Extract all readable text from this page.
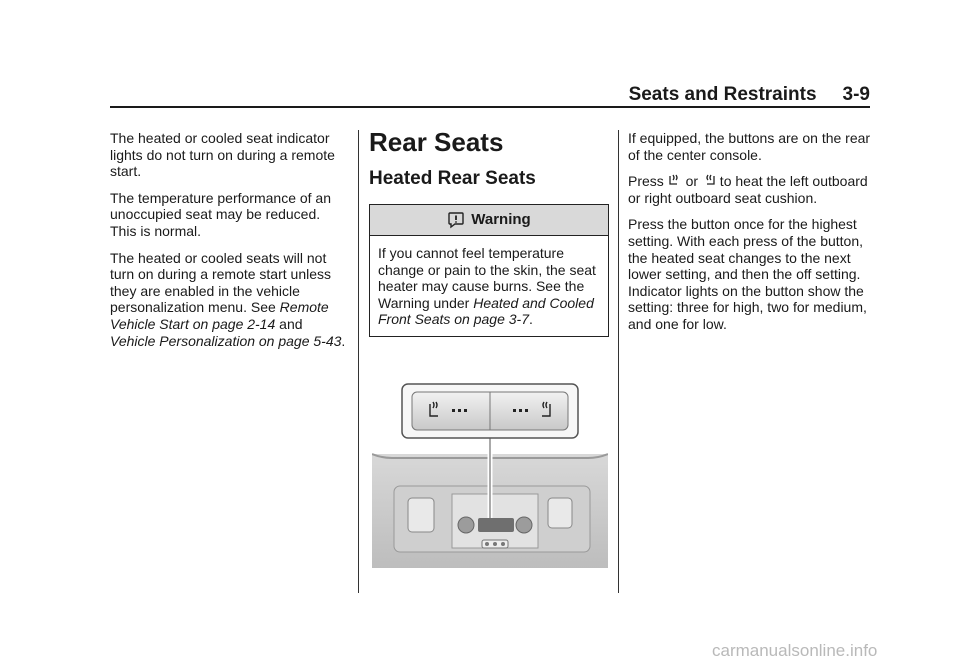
Seats and Restraints 3-9

The heated or cooled seat indicator lights do not turn on during a remote start.

The temperature performance of an unoccupied seat may be reduced. This is normal.

The heated or cooled seats will not turn on during a remote start unless they are enabled in the vehicle personalization menu. See Remote Vehicle Start on page 2-14 and Vehicle Personalization on page 5-43.

Rear Seats
Heated Rear Seats
Warning
If you cannot feel temperature change or pain to the skin, the seat heater may cause burns. See the Warning under Heated and Cooled Front Seats on page 3-7.

If equipped, the buttons are on the rear of the center console.

Press  or  to heat the left outboard or right outboard seat cushion.

Press the button once for the highest setting. With each press of the button, the heated seat changes to the next lower setting, and then the off setting. Indicator lights on the button show the setting: three for high, two for medium, and one for low.

carmanualsonline.info
